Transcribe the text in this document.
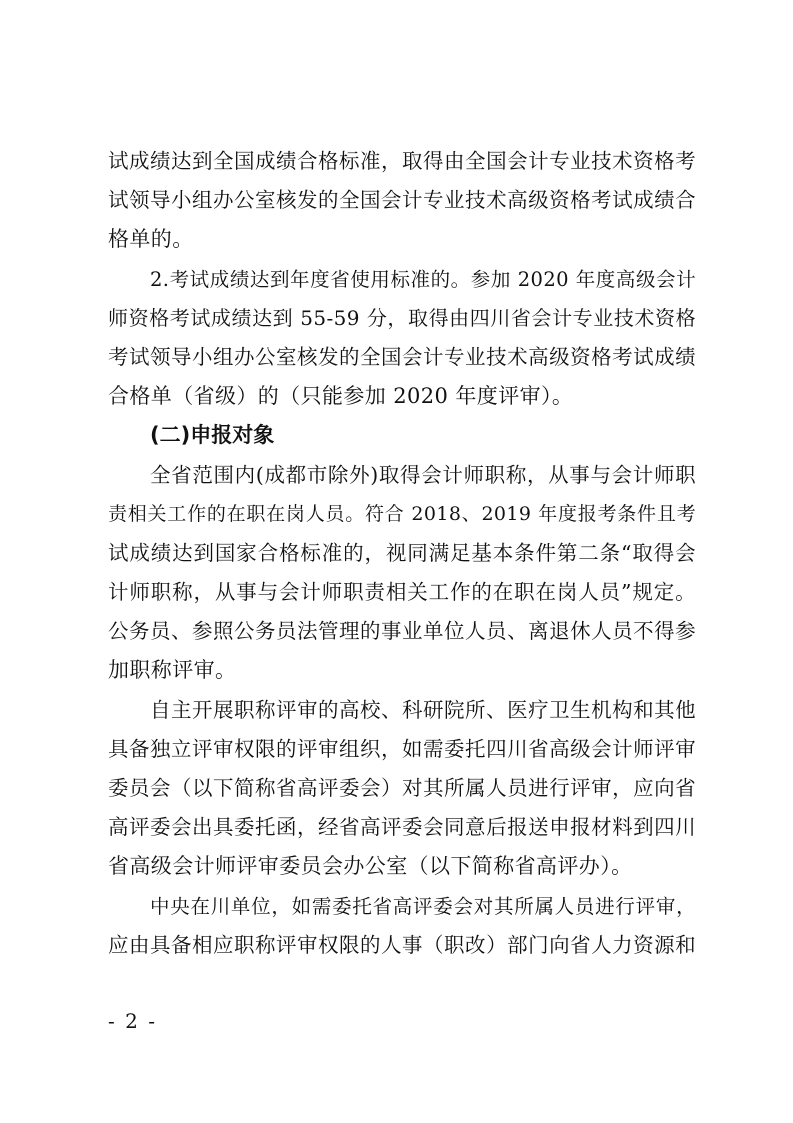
试成绩达到全国成绩合格标准，取得由全国会计专业技术资格考
试领导小组办公室核发的全国会计专业技术高级资格考试成绩合
格单的。
2.考试成绩达到年度省使用标准的。参加 2020 年度高级会计
师资格考试成绩达到 55-59 分，取得由四川省会计专业技术资格
考试领导小组办公室核发的全国会计专业技术高级资格考试成绩
合格单（省级）的（只能参加 2020 年度评审）。
(二)申报对象
全省范围内(成都市除外)取得会计师职称，从事与会计师职
责相关工作的在职在岗人员。符合 2018、2019 年度报考条件且考
试成绩达到国家合格标准的，视同满足基本条件第二条“取得会
计师职称，从事与会计师职责相关工作的在职在岗人员”规定。
公务员、参照公务员法管理的事业单位人员、离退休人员不得参
加职称评审。
自主开展职称评审的高校、科研院所、医疗卫生机构和其他
具备独立评审权限的评审组织，如需委托四川省高级会计师评审
委员会（以下简称省高评委会）对其所属人员进行评审，应向省
高评委会出具委托函，经省高评委会同意后报送申报材料到四川
省高级会计师评审委员会办公室（以下简称省高评办）。
中央在川单位，如需委托省高评委会对其所属人员进行评审，
应由具备相应职称评审权限的人事（职改）部门向省人力资源和
- 2 -
